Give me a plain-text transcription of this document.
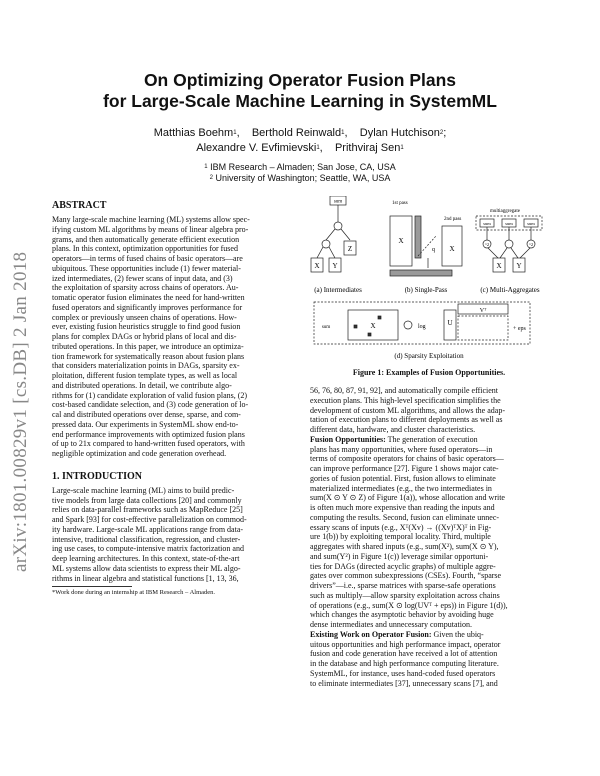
On Optimizing Operator Fusion Plans
for Large-Scale Machine Learning in SystemML
Matthias Boehm$^1$,    Berthold Reinwald$^1$,    Dylan Hutchison$^2$;
Alexandre V. Evfimievski$^1$,    Prithviraj Sen$^1$
$^1$ IBM Research – Almaden; San Jose, CA, USA
$^2$ University of Washington; Seattle, WA, USA
arXiv:1801.00829v1 [cs.DB] 2 Jan 2018
ABSTRACT
Many large-scale machine learning (ML) systems allow spec-
ifying custom ML algorithms by means of linear algebra pro-
grams, and then automatically generate efficient execution
plans. In this context, optimization opportunities for fused
operators—in terms of fused chains of basic operators—are
ubiquitous. These opportunities include (1) fewer material-
ized intermediates, (2) fewer scans of input data, and (3)
the exploitation of sparsity across chains of operators. Au-
tomatic operator fusion eliminates the need for hand-written
fused operators and significantly improves performance for
complex or previously unseen chains of operations. How-
ever, existing fusion heuristics struggle to find good fusion
plans for complex DAGs or hybrid plans of local and dis-
tributed operations. In this paper, we introduce an optimiza-
tion framework for systematically reason about fusion plans
that considers materialization points in DAGs, sparsity ex-
ploitation, different fusion template types, as well as local
and distributed operations. In detail, we contribute algo-
rithms for (1) candidate exploration of valid fusion plans, (2)
cost-based candidate selection, and (3) code generation of lo-
cal and distributed operations over dense, sparse, and com-
pressed data. Our experiments in SystemML show end-to-
end performance improvements with optimized fusion plans
of up to 21x compared to hand-written fused operators, with
negligible optimization and code generation overhead.
1. INTRODUCTION
Large-scale machine learning (ML) aims to build predic-
tive models from large data collections [20] and commonly
relies on data-parallel frameworks such as MapReduce [25]
and Spark [93] for cost-effective parallelization on commod-
ity hardware. Large-scale ML applications range from data-
intensive, traditional classification, regression, and cluster-
ing use cases, to compute-intensive matrix factorization and
deep learning architectures. In this context, state-of-the-art
ML systems allow data scientists to express their ML algo-
rithms in linear algebra and statistical functions [1, 13, 36,
*Work done during an internship at IBM Research – Almaden.
sum
Z
X Y
1st pass
2nd pass
X
X
q
multiaggregate
sum	sum	sum
^2	^2
X Y
(a) Intermediates	(b) Single-Pass	(c) Multi-Aggregates
sum	X	log	U
Vᵀ
+ eps
(d) Sparsity Exploitation
Figure 1: Examples of Fusion Opportunities.
56, 76, 80, 87, 91, 92], and automatically compile efficient
execution plans. This high-level specification simplifies the
development of custom ML algorithms, and allows the adap-
tation of execution plans to different deployments as well as
different data, hardware, and cluster characteristics.
Fusion Opportunities: The generation of execution
plans has many opportunities, where fused operators—in
terms of composite operators for chains of basic operators—
can improve performance [27]. Figure 1 shows major cate-
gories of fusion potential. First, fusion allows to eliminate
materialized intermediates (e.g., the two intermediates in
sum(X ⊙ Y ⊙ Z) of Figure 1(a)), whose allocation and write
is often much more expensive than reading the inputs and
computing the results. Second, fusion can eliminate unnec-
essary scans of inputs (e.g., Xᵀ(Xv) → ((Xv)ᵀX)ᵀ in Fig-
ure 1(b)) by exploiting temporal locality. Third, multiple
aggregates with shared inputs (e.g., sum(X²), sum(X ⊙ Y),
and sum(Y²) in Figure 1(c)) leverage similar opportuni-
ties for DAGs (directed acyclic graphs) of multiple aggre-
gates over common subexpressions (CSEs). Fourth, “sparse
drivers”—i.e., sparse matrices with sparse-safe operations
such as multiply—allow sparsity exploitation across chains
of operations (e.g., sum(X ⊙ log(UVᵀ + eps)) in Figure 1(d)),
which changes the asymptotic behavior by avoiding huge
dense intermediates and unnecessary computation.
Existing Work on Operator Fusion: Given the ubiq-
uitous opportunities and high performance impact, operator
fusion and code generation have received a lot of attention
in the database and high performance computing literature.
SystemML, for instance, uses hand-coded fused operators
to eliminate intermediates [37], unnecessary scans [7], and
